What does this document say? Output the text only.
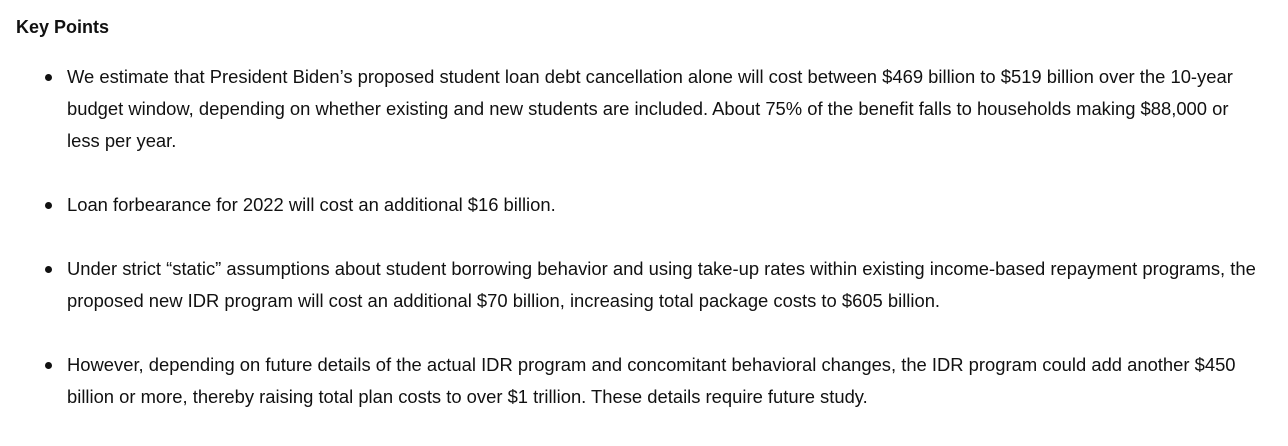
Key Points
We estimate that President Biden’s proposed student loan debt cancellation alone will cost between $469 billion to $519 billion over the 10-year budget window, depending on whether existing and new students are included. About 75% of the benefit falls to households making $88,000 or less per year.
Loan forbearance for 2022 will cost an additional $16 billion.
Under strict “static” assumptions about student borrowing behavior and using take-up rates within existing income-based repayment programs, the proposed new IDR program will cost an additional $70 billion, increasing total package costs to $605 billion.
However, depending on future details of the actual IDR program and concomitant behavioral changes, the IDR program could add another $450 billion or more, thereby raising total plan costs to over $1 trillion. These details require future study.
